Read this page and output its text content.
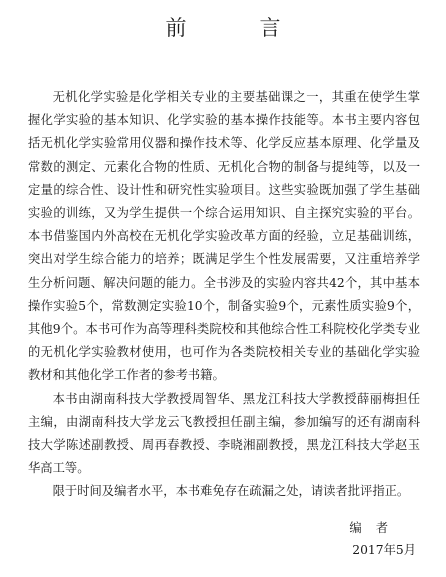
前　言

无机化学实验是化学相关专业的主要基础课之一，其重在使学生掌握化学实验的基本知识、化学实验的基本操作技能等。本书主要内容包括无机化学实验常用仪器和操作技术等、化学反应基本原理、化学量及常数的测定、元素化合物的性质、无机化合物的制备与提纯等，以及一定量的综合性、设计性和研究性实验项目。这些实验既加强了学生基础实验的训练，又为学生提供一个综合运用知识、自主探究实验的平台。本书借鉴国内外高校在无机化学实验改革方面的经验，立足基础训练，突出对学生综合能力的培养；既满足学生个性发展需要，又注重培养学生分析问题、解决问题的能力。全书涉及的实验内容共42个，其中基本操作实验5个，常数测定实验10个，制备实验9个，元素性质实验9个，其他9个。本书可作为高等理科类院校和其他综合性工科院校化学类专业的无机化学实验教材使用，也可作为各类院校相关专业的基础化学实验教材和其他化学工作者的参考书籍。

本书由湖南科技大学教授周智华、黑龙江科技大学教授薛丽梅担任主编，由湖南科技大学龙云飞教授担任副主编，参加编写的还有湖南科技大学陈述副教授、周再春教授、李晓湘副教授，黑龙江科技大学赵玉华高工等。

限于时间及编者水平，本书难免存在疏漏之处，请读者批评指正。

编者
2017年5月
